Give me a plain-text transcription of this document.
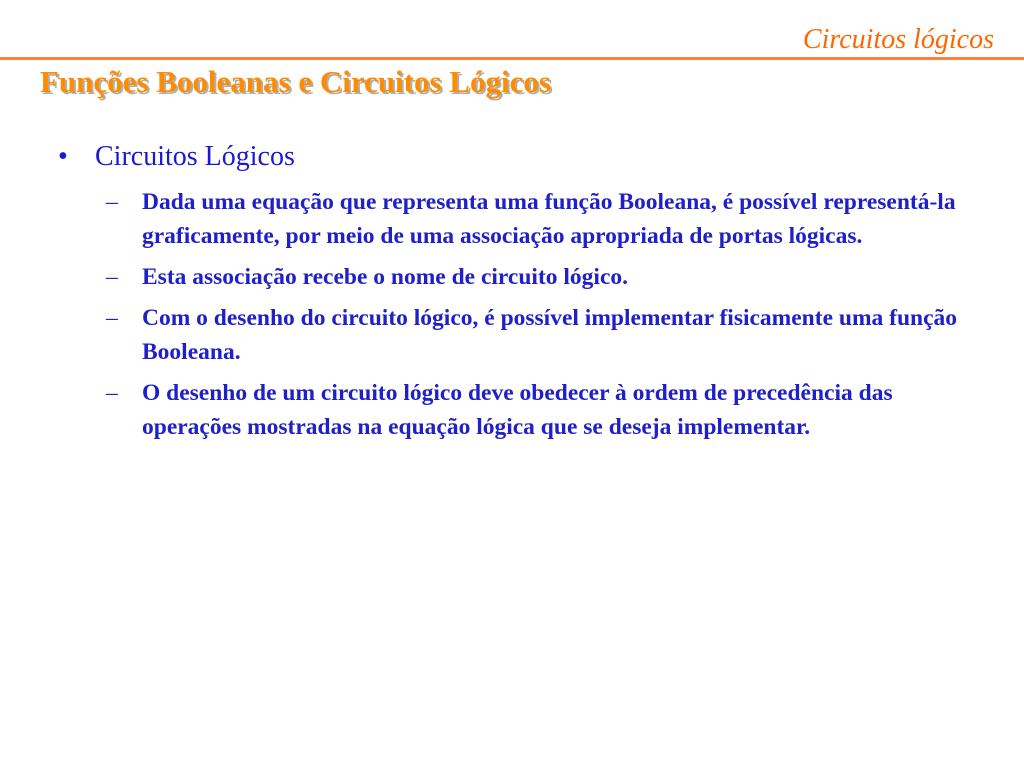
Circuitos lógicos
Funções Booleanas e Circuitos Lógicos
• Circuitos Lógicos
–	Dada uma equação que representa uma função Booleana, é possível representá-la graficamente, por meio de uma associação apropriada de portas lógicas.
–	Esta associação recebe o nome de circuito lógico.
–	Com o desenho do circuito lógico, é possível implementar fisicamente uma função Booleana.
–	O desenho de um circuito lógico deve obedecer à ordem de precedência das operações mostradas na equação lógica que se deseja implementar.
